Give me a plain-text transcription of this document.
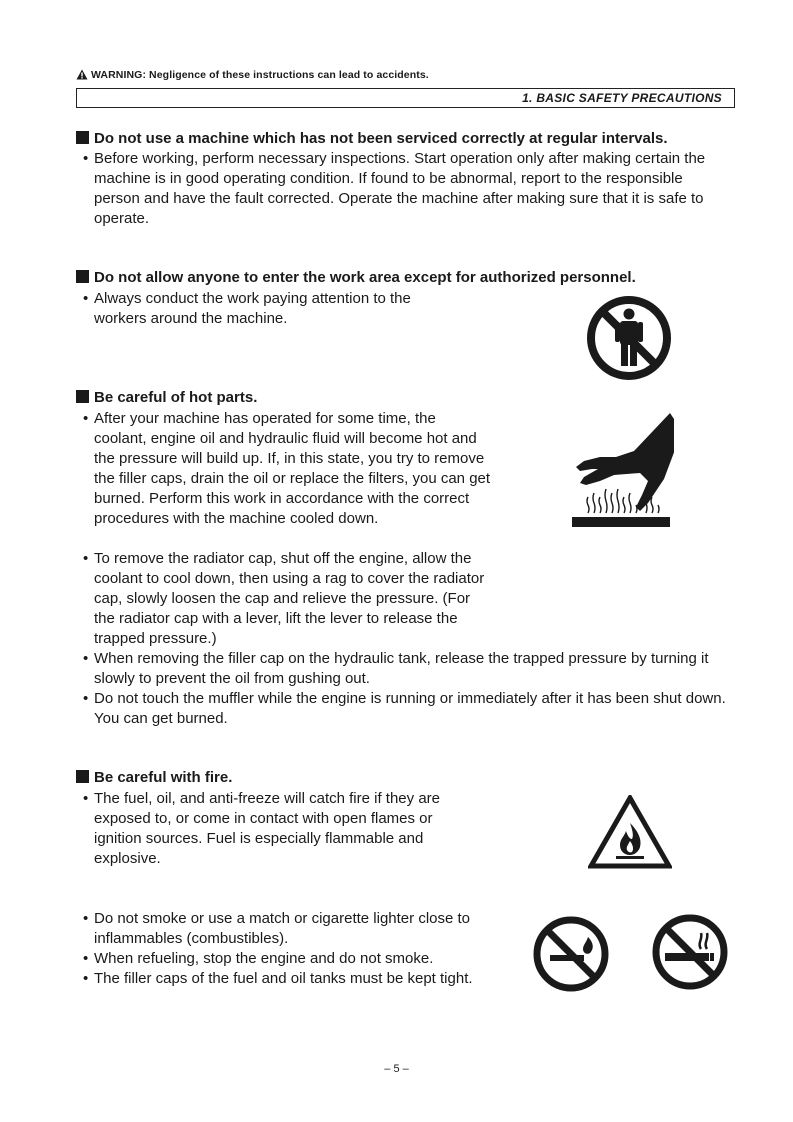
WARNING: Negligence of these instructions can lead to accidents.
1. BASIC SAFETY PRECAUTIONS
Do not use a machine which has not been serviced correctly at regular intervals.
• Before working, perform necessary inspections. Start operation only after making certain the machine is in good operating condition. If found to be abnormal, report to the responsible person and have the fault corrected. Operate the machine after making sure that it is safe to operate.
Do not allow anyone to enter the work area except for authorized personnel.
• Always conduct the work paying attention to the workers around the machine.
Be careful of hot parts.
• After your machine has operated for some time, the coolant, engine oil and hydraulic fluid will become hot and the pressure will build up. If, in this state, you try to remove the filler caps, drain the oil or replace the filters, you can get burned. Perform this work in accordance with the correct procedures with the machine cooled down.
• To remove the radiator cap, shut off the engine, allow the coolant to cool down, then using a rag to cover the radiator cap, slowly loosen the cap and relieve the pressure. (For the radiator cap with a lever, lift the lever to release the trapped pressure.)
• When removing the filler cap on the hydraulic tank, release the trapped pressure by turning it slowly to prevent the oil from gushing out.
• Do not touch the muffler while the engine is running or immediately after it has been shut down. You can get burned.
Be careful with fire.
• The fuel, oil, and anti-freeze will catch fire if they are exposed to, or come in contact with open flames or ignition sources. Fuel is especially flammable and explosive.
• Do not smoke or use a match or cigarette lighter close to inflammables (combustibles).
• When refueling, stop the engine and do not smoke.
• The filler caps of the fuel and oil tanks must be kept tight.
– 5 –
